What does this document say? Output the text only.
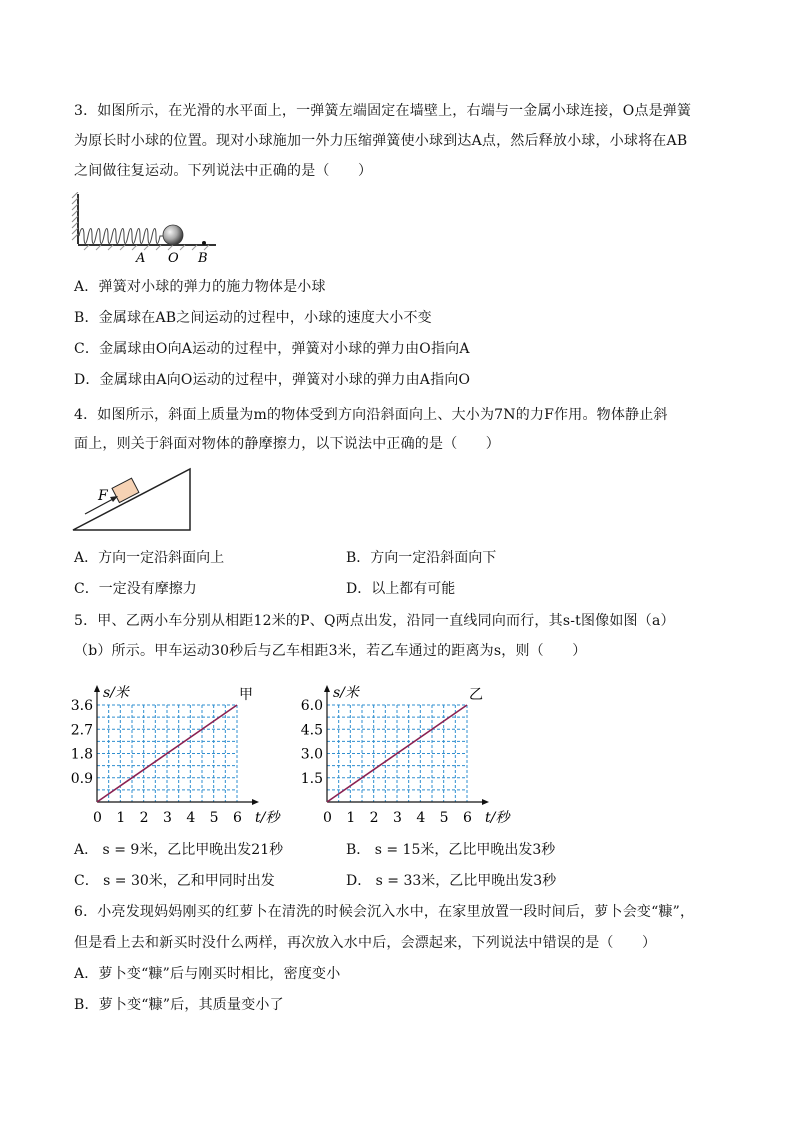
3．如图所示，在光滑的水平面上，一弹簧左端固定在墙壁上，右端与一金属小球连接，O点是弹簧
为原长时小球的位置。现对小球施加一外力压缩弹簧使小球到达A点，然后释放小球，小球将在AB
之间做往复运动。下列说法中正确的是（　　）
A O B
A．弹簧对小球的弹力的施力物体是小球
B．金属球在AB之间运动的过程中，小球的速度大小不变
C．金属球由O向A运动的过程中，弹簧对小球的弹力由O指向A
D．金属球由A向O运动的过程中，弹簧对小球的弹力由A指向O
4．如图所示，斜面上质量为m的物体受到方向沿斜面向上、大小为7N的力F作用。物体静止斜
面上，则关于斜面对物体的静摩擦力，以下说法中正确的是（　　）
F
A．方向一定沿斜面向上	B．方向一定沿斜面向下
C．一定没有摩擦力	D．以上都有可能
5．甲、乙两小车分别从相距12米的P、Q两点出发，沿同一直线同向而行，其s-t图像如图（a）
（b）所示。甲车运动30秒后与乙车相距3米，若乙车通过的距离为s，则（　　）
0 1 2 3 4 5 6
0.9
1.8
2.7
3.6
s/米
t/秒
甲
0 1 2 3 4 5 6
1.5
3.0
4.5
6.0
s/米
t/秒
乙
A． s = 9米，乙比甲晚出发21秒	B． s = 15米，乙比甲晚出发3秒
C． s = 30米，乙和甲同时出发	D． s = 33米，乙比甲晚出发3秒
6．小亮发现妈妈刚买的红萝卜在清洗的时候会沉入水中，在家里放置一段时间后，萝卜会变“糠”，
但是看上去和新买时没什么两样，再次放入水中后，会漂起来，下列说法中错误的是（　　）
A．萝卜变“糠”后与刚买时相比，密度变小
B．萝卜变“糠”后，其质量变小了
